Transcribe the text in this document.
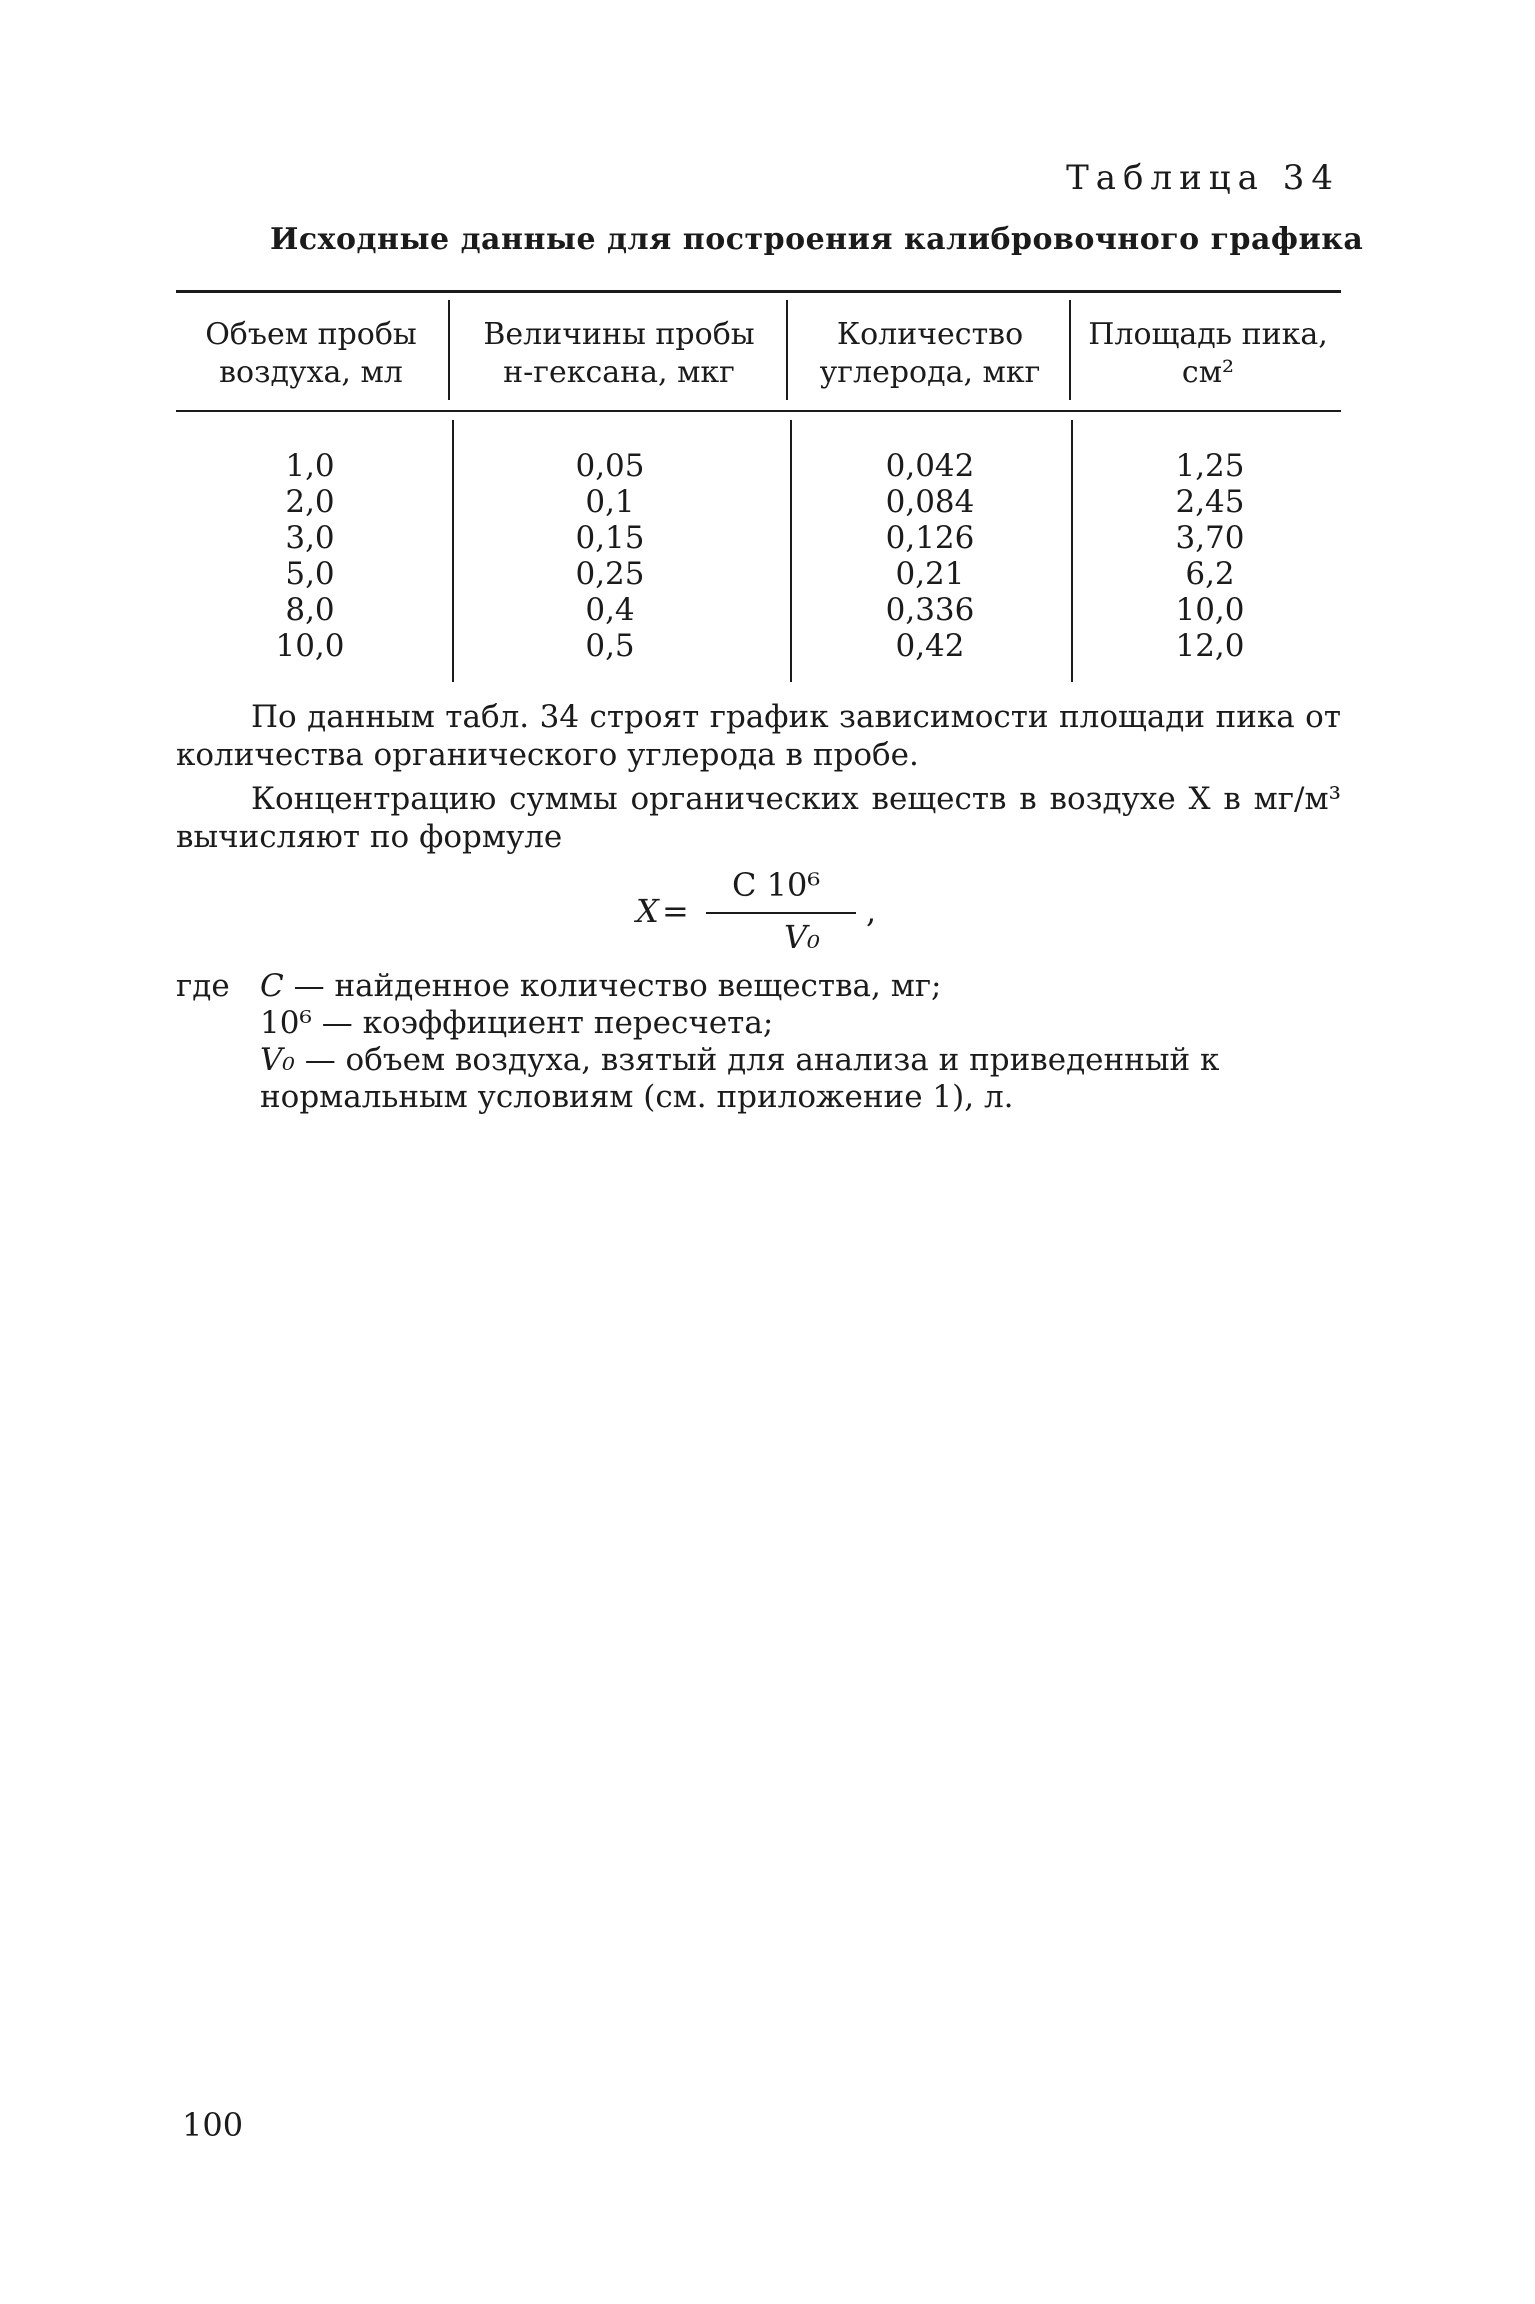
Таблица 34
Исходные данные для построения калибровочного графика
Объем пробы
воздуха, мл
Величины пробы
н-гексана, мкг
Количество
углерода, мкг
Площадь пика,
см²
1,0
2,0
3,0
5,0
8,0
10,0
0,05
0,1
0,15
0,25
0,4
0,5
0,042
0,084
0,126
0,21
0,336
0,42
1,25
2,45
3,70
6,2
10,0
12,0

По данным табл. 34 строят график зависимости площади пика от количества органического углерода в пробе.

Концентрацию суммы органических веществ в воздухе X в мг/м³ вычисляют по формуле

X =
C 10⁶
V₀
,
где C — найденное количество вещества, мг;
10⁶ — коэффициент пересчета;
V₀ — объем воздуха, взятый для анализа и приведенный к нормальным условиям (см. приложение 1), л.
100
